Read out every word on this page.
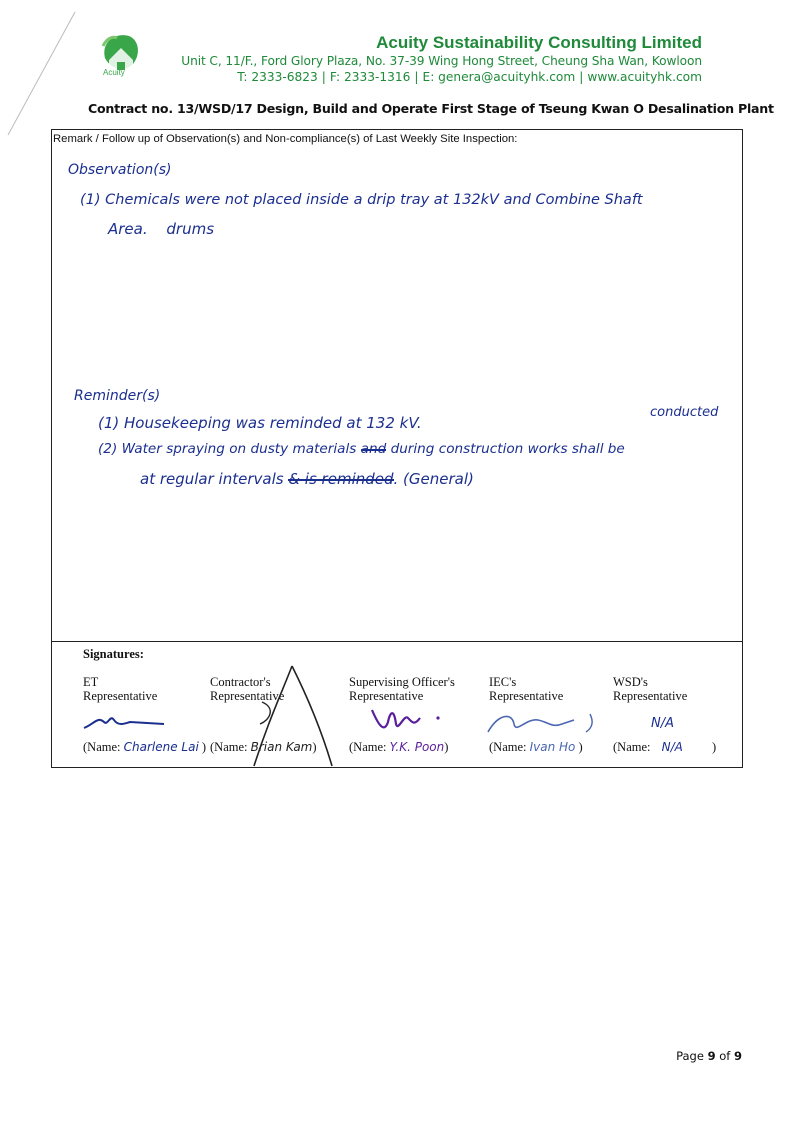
Acuity
Acuity Sustainability Consulting Limited
Unit C, 11/F., Ford Glory Plaza, No. 37-39 Wing Hong Street, Cheung Sha Wan, Kowloon
T: 2333-6823 | F: 2333-1316 | E: genera@acuityhk.com | www.acuityhk.com
Contract no. 13/WSD/17 Design, Build and Operate First Stage of Tseung Kwan O Desalination Plant
Remark / Follow up of Observation(s) and Non-compliance(s) of Last Weekly Site Inspection:
Observation(s)
(1) Chemicals were not placed inside a drip tray at 132kV and Combine Shaft
Area. drums
Reminder(s)
(1) Housekeeping was reminded at 132 kV.
conducted
(2) Water spraying on dusty materials and during construction works shall be
at regular intervals & is reminded. (General)
Signatures:
ET
Representative
Contractor's
Representative
Supervising Officer's
Representative
IEC's
Representative
WSD's
Representative
N/A
(Name: Charlene Lai ) (Name: Brian Kam)	(Name: Y.K. Poon)	(Name: Ivan Ho ) (Name: N/A )
Page 9 of 9
